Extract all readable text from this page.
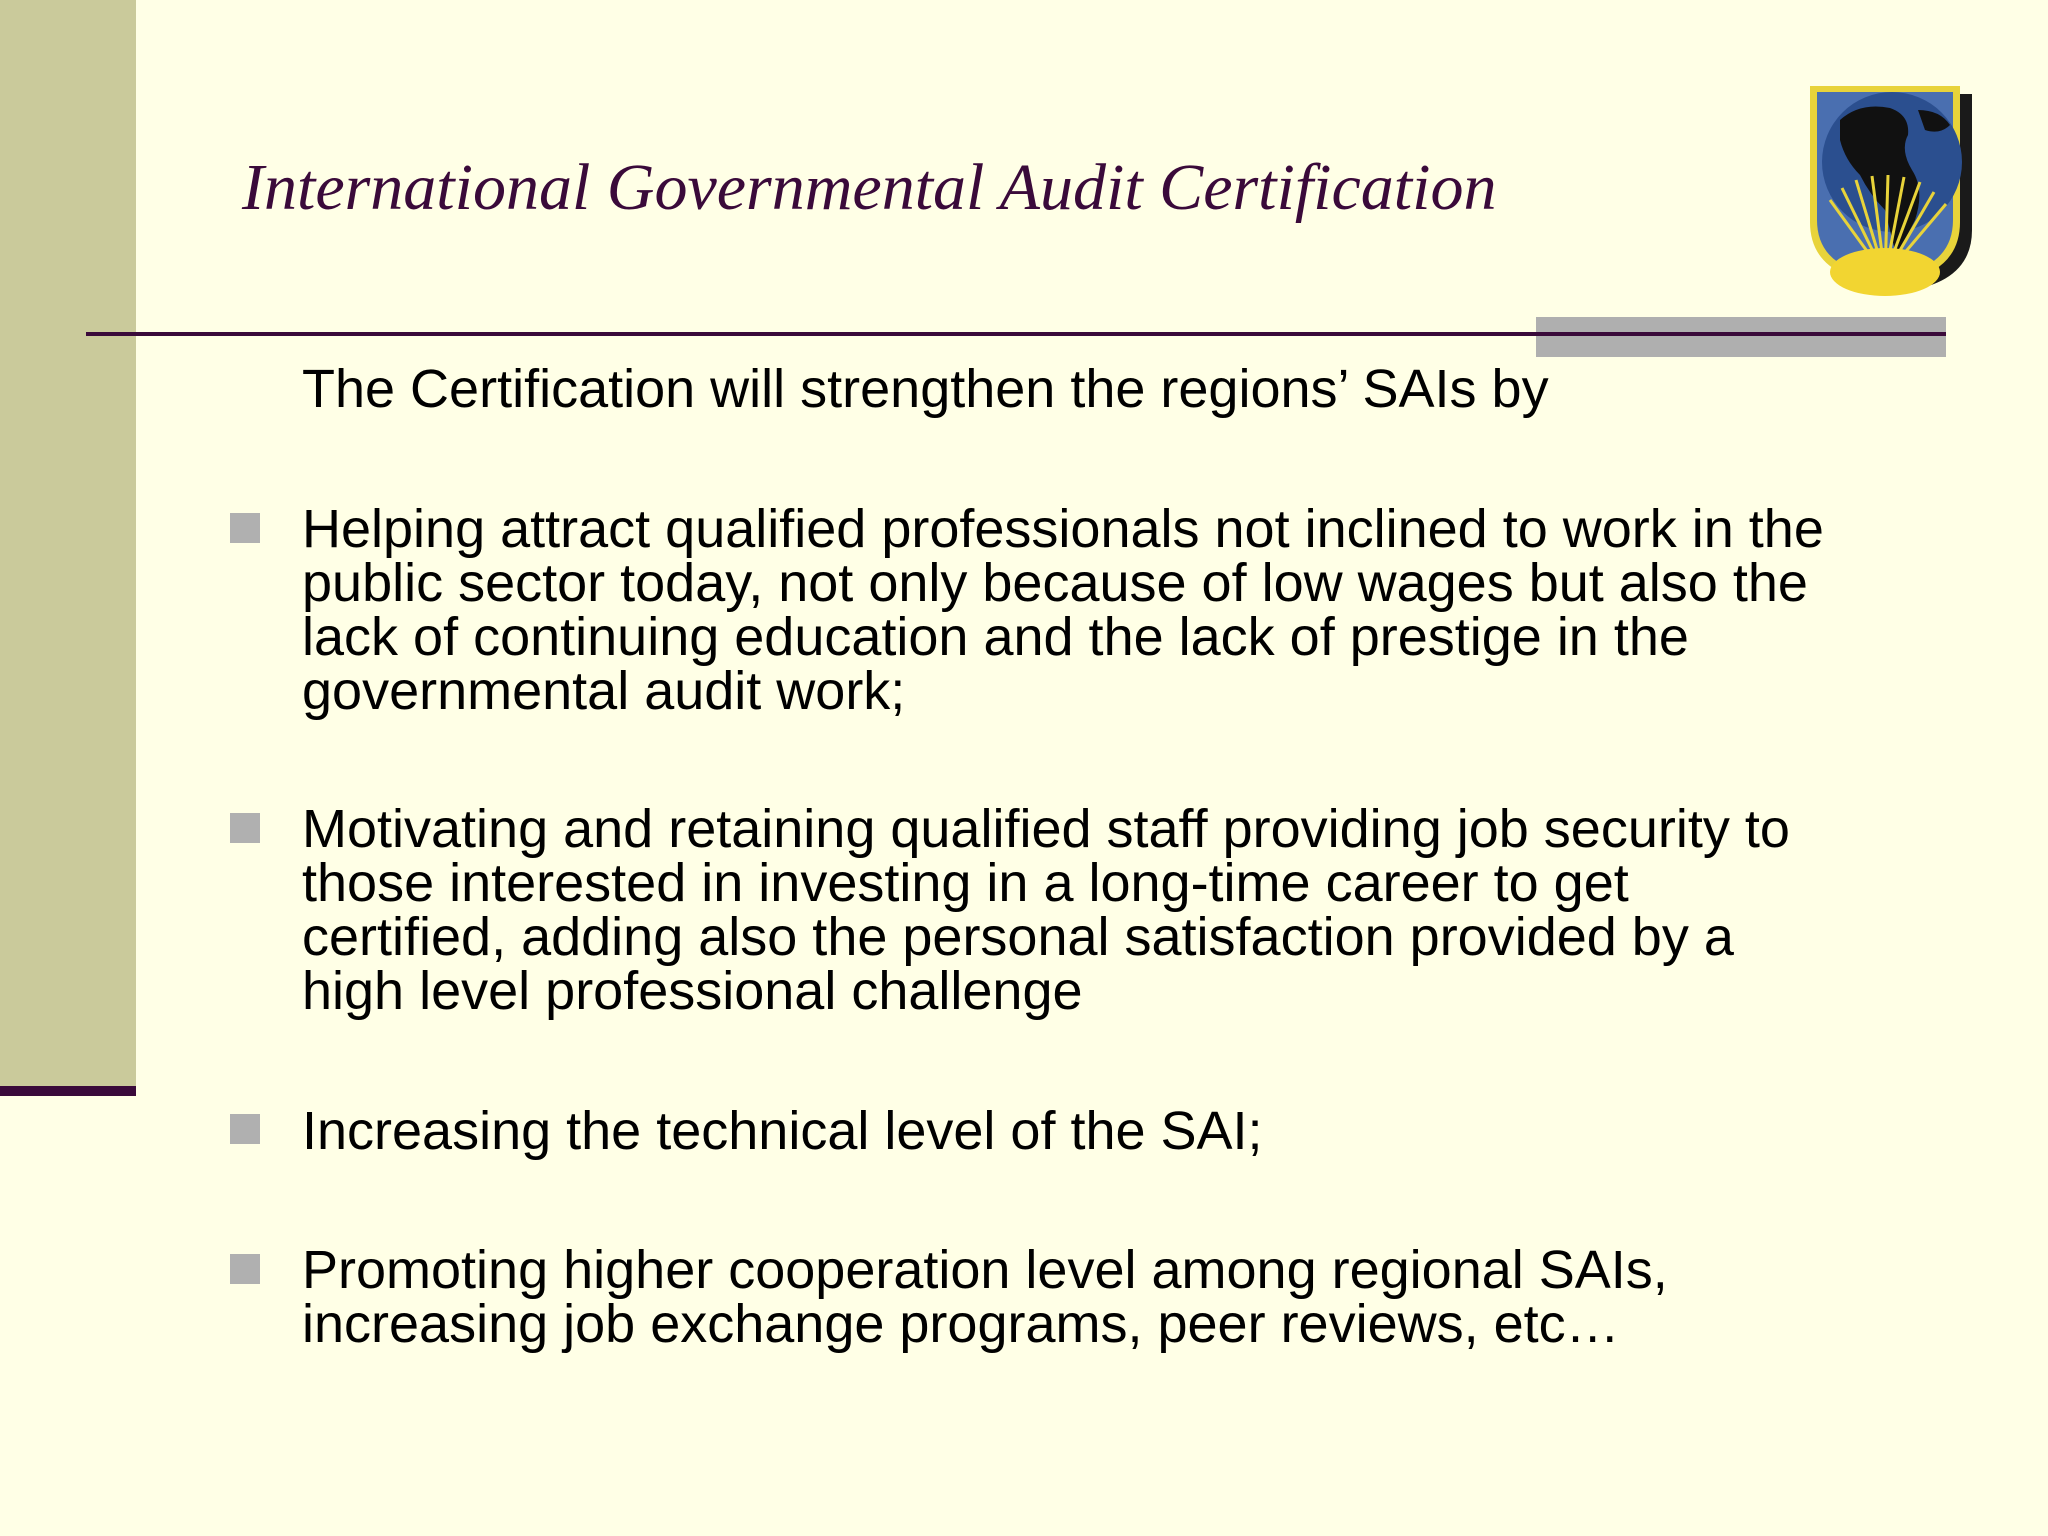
International Governmental Audit Certification

The Certification will strengthen the regions’ SAIs by

Helping attract qualified professionals not inclined to work in the
public sector today, not only because of low wages but also the
lack of continuing education and the lack of prestige in the
governmental audit work;
Motivating and retaining qualified staff providing job security to
those interested in investing in a long-time career to get
certified, adding also the personal satisfaction provided by a
high level professional challenge
Increasing the technical level of the SAI;
Promoting higher cooperation level among regional SAIs,
increasing job exchange programs, peer reviews, etc…
